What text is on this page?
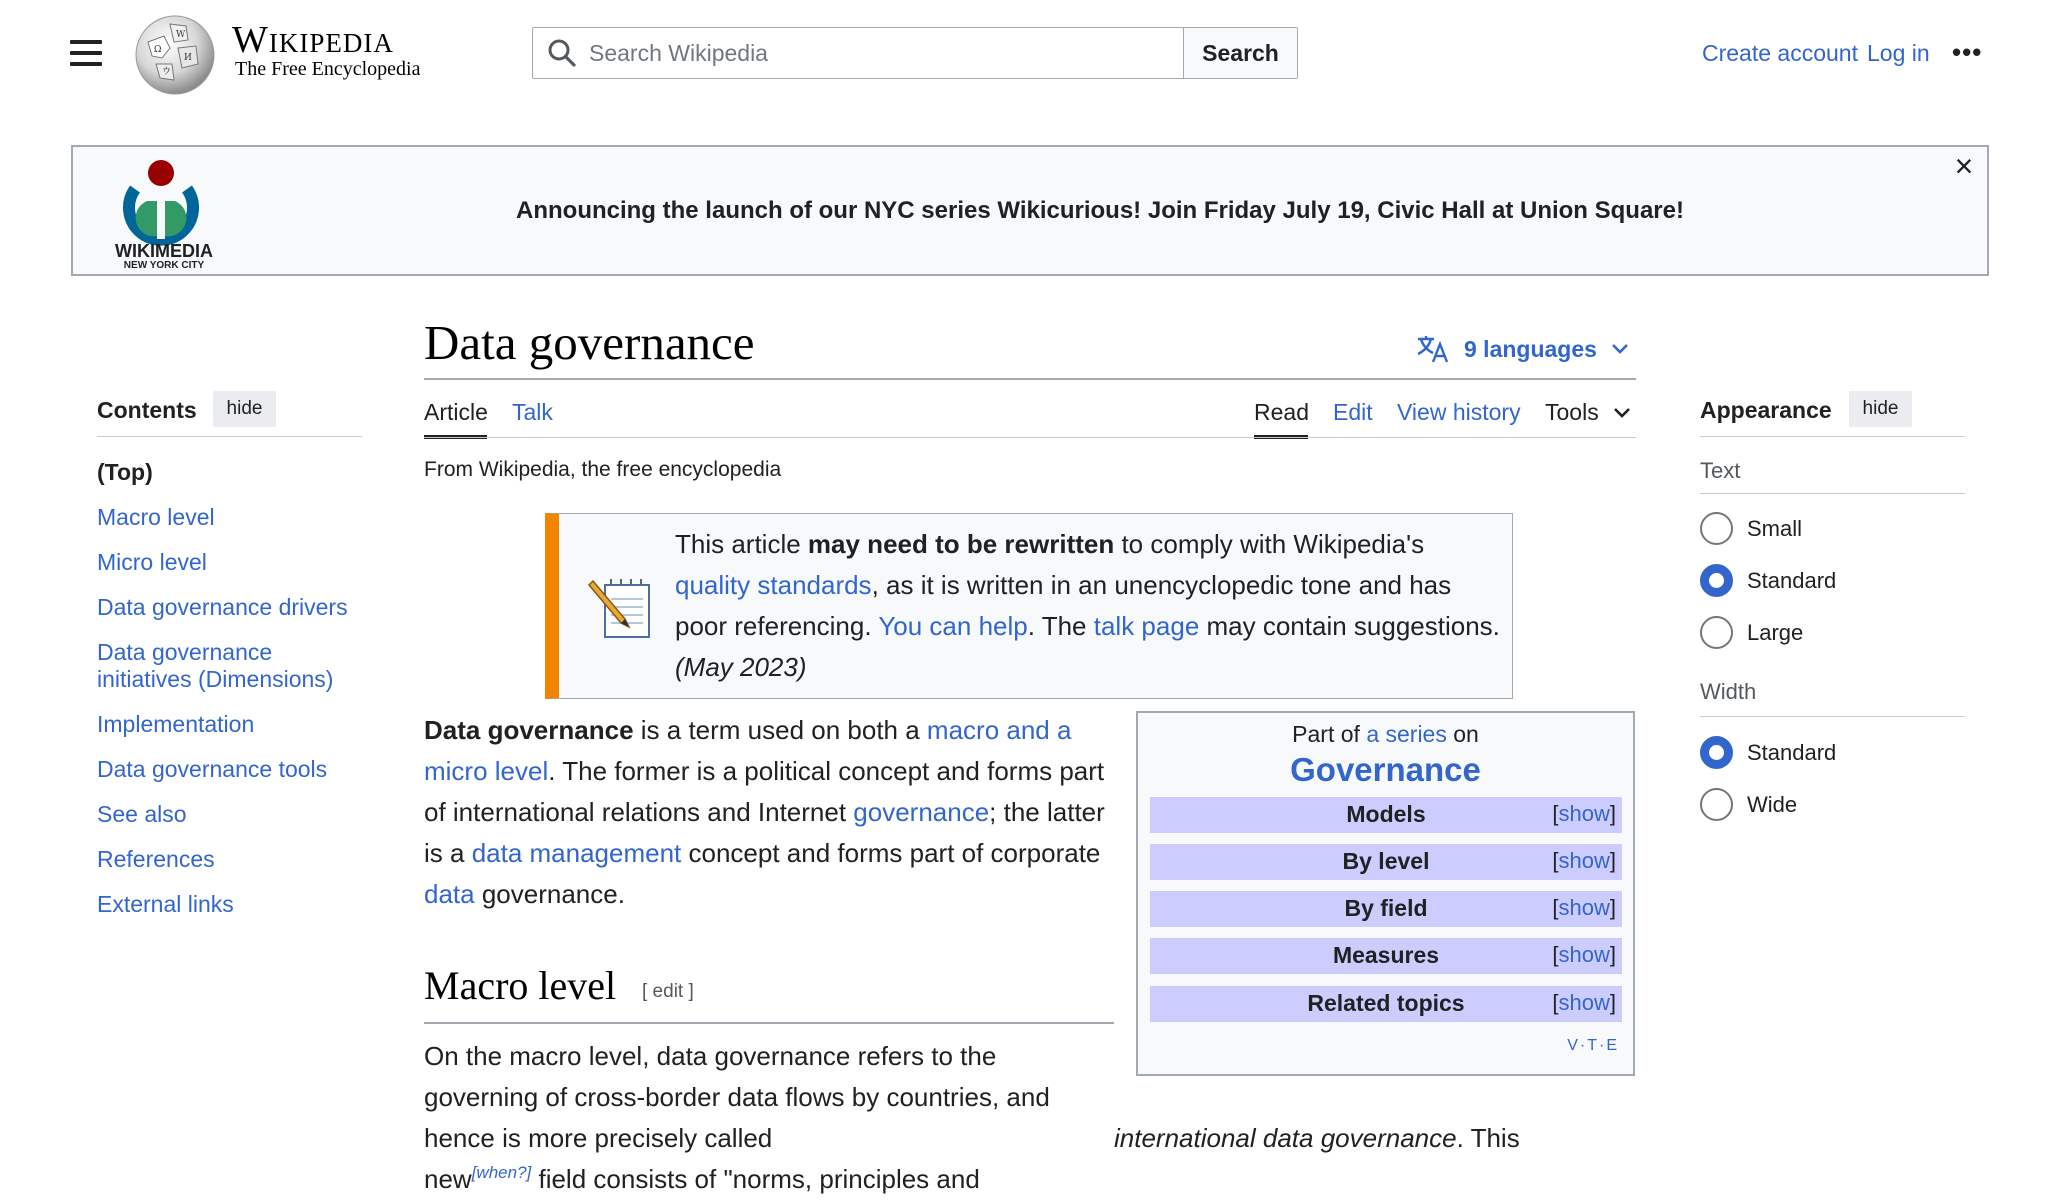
Ω
W
И
ウ
Wikipedia
The Free Encyclopedia
Search Wikipedia
Search	Create account Log in •••
WIKIMEDIA
NEW YORK CITY
Announcing the launch of our NYC series Wikicurious! Join Friday July 19, Civic Hall at Union Square!
×
Contents	hide
(Top)
Macro level
Micro level
Data governance drivers
Data governance initiatives (Dimensions)
Implementation
Data governance tools
See also
References
External links
Data governance	9 languages
Article Talk	Read Edit View history Tools
From Wikipedia, the free encyclopedia
This article may need to be rewritten to comply with Wikipedia's quality standards, as it is written in an unencyclopedic tone and has poor referencing. You can help. The talk page may contain suggestions. (May 2023)

Data governance is a term used on both a macro and a micro level. The former is a political concept and forms part of international relations and Internet governance; the latter is a data management concept and forms part of corporate data governance.

Part of a series on
Governance
Models	[show]
By level	[show]
By field	[show]
Measures	[show]
Related topics	[show]
V·T·E
Macro level [ edit ]

On the macro level, data governance refers to the governing of cross-border data flows by countries, and hence is more precisely called	international data governance. This new[when?] field consists of "norms, principles and

Appearance	hide
Text
Small
Standard
Large
Width
Standard
Wide
